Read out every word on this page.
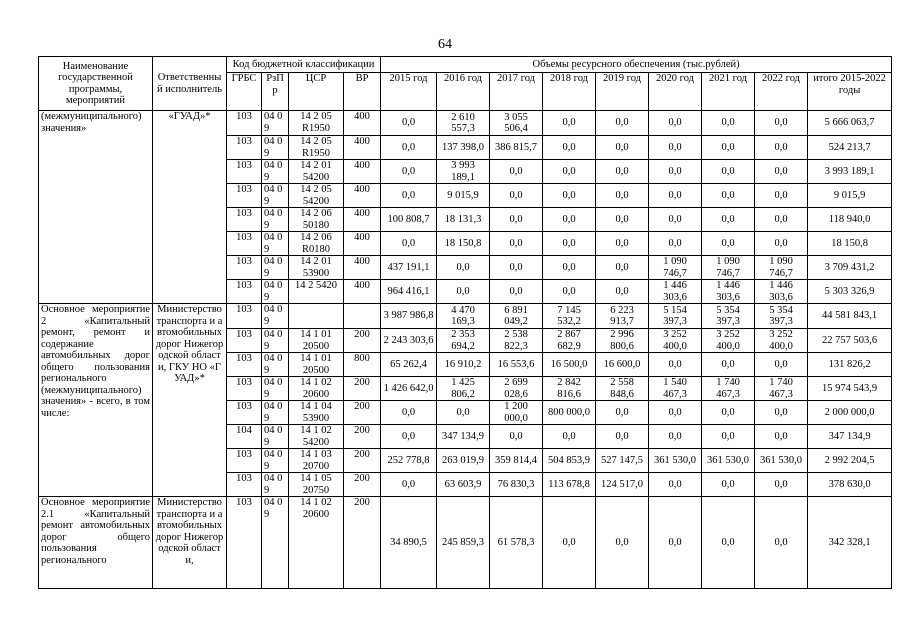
64
Наименование государственной программы, мероприятий	Ответственный исполнитель	Код бюджетной классификации				Объемы ресурсного обеспечения (тыс.рублей)								
		ГРБС	РзПр	ЦСР	ВР	2015 год	2016 год	2017 год	2018 год	2019 год	2020 год	2021 год	2022 год	итого 2015-2022 годы
(межмуниципального) значения»	«ГУАД»*	103	04 09	14 2 05 R1950	400	0,0	2 610 557,3	3 055 506,4	0,0	0,0	0,0	0,0	0,0	5 666 063,7
		103	04 09	14 2 05 R1950	400	0,0	137 398,0	386 815,7	0,0	0,0	0,0	0,0	0,0	524 213,7
		103	04 09	14 2 01 54200	400	0,0	3 993 189,1	0,0	0,0	0,0	0,0	0,0	0,0	3 993 189,1
		103	04 09	14 2 05 54200	400	0,0	9 015,9	0,0	0,0	0,0	0,0	0,0	0,0	9 015,9
		103	04 09	14 2 06 50180	400	100 808,7	18 131,3	0,0	0,0	0,0	0,0	0,0	0,0	118 940,0
		103	04 09	14 2 06 R0180	400	0,0	18 150,8	0,0	0,0	0,0	0,0	0,0	0,0	18 150,8
		103	04 09	14 2 01 53900	400	437 191,1	0,0	0,0	0,0	0,0	1 090 746,7	1 090 746,7	1 090 746,7	3 709 431,2
		103	04 09	14 2 5420	400	964 416,1	0,0	0,0	0,0	0,0	1 446 303,6	1 446 303,6	1 446 303,6	5 303 326,9
Основное мероприятие 2 «Капитальный ремонт, ремонт и содержание автомобильных дорог общего пользования регионального (межмуниципального) значения» - всего, в том числе:	Министерство транспорта и автомобильных дорог Нижегородской области, ГКУ НО «ГУАД»*	103	04 09			3 987 986,8	4 470 169,3	6 891 049,2	7 145 532,2	6 223 913,7	5 154 397,3	5 354 397,3	5 354 397,3	44 581 843,1
		103	04 09	14 1 01 20500	200	2 243 303,6	2 353 694,2	2 538 822,3	2 867 682,9	2 996 800,6	3 252 400,0	3 252 400,0	3 252 400,0	22 757 503,6
		103	04 09	14 1 01 20500	800	65 262,4	16 910,2	16 553,6	16 500,0	16 600,0	0,0	0,0	0,0	131 826,2
		103	04 09	14 1 02 20600	200	1 426 642,0	1 425 806,2	2 699 028,6	2 842 816,6	2 558 848,6	1 540 467,3	1 740 467,3	1 740 467,3	15 974 543,9
		103	04 09	14 1 04 53900	200	0,0	0,0	1 200 000,0	800 000,0	0,0	0,0	0,0	0,0	2 000 000,0
		104	04 09	14 1 02 54200	200	0,0	347 134,9	0,0	0,0	0,0	0,0	0,0	0,0	347 134,9
		103	04 09	14 1 03 20700	200	252 778,8	263 019,9	359 814,4	504 853,9	527 147,5	361 530,0	361 530,0	361 530,0	2 992 204,5
		103	04 09	14 1 05 20750	200	0,0	63 603,9	76 830,3	113 678,8	124 517,0	0,0	0,0	0,0	378 630,0
Основное мероприятие 2.1 «Капитальный ремонт автомобильных дорог общего пользования регионального	Министерство транспорта и автомобильных дорог Нижегородской области,	103	04 09	14 1 02 20600	200	34 890,5	245 859,3	61 578,3	0,0	0,0	0,0	0,0	0,0	342 328,1
